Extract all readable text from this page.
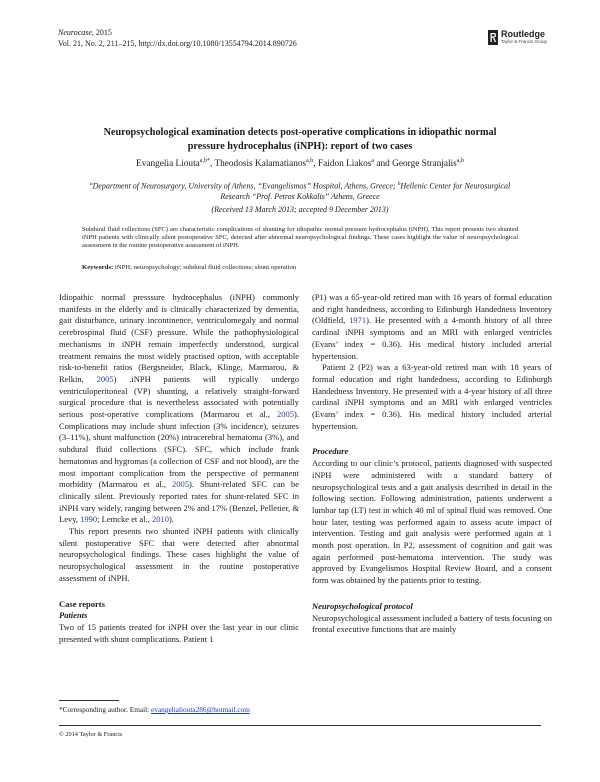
Neurocase, 2015
Vol. 21, No. 2, 211–215, http://dx.doi.org/10.1080/13554794.2014.890726
Routledge
Taylor & Francis Group
Neuropsychological examination detects post-operative complications in idiopathic normal
pressure hydrocephalus (iNPH): report of two cases
Evangelia Liouta$^{a,b*}$, Theodosis Kalamatianos$^{a,b}$, Faidon Liakos$^a$ and George Stranjalis$^{a,b}$
$^a$Department of Neurosurgery, University of Athens, “Evangelismos” Hospital, Athens, Greece; $^b$Hellenic Center for Neurosurgical
Research “Prof. Petros Kokkalis” Athens, Greece
(Received 13 March 2013; accepted 9 December 2013)
Subdural fluid collections (SFC) are characteristic complications of shunting for idiopathic normal pressure hydrocephalus (iNPH). This report presents two shunted iNPH patients with clinically silent postoperative SFC, detected after abnormal neuropsychological findings. These cases highlight the value of neuropsychological assessment in the routine postoperative assessment of iNPH.
Keywords: iNPH; neuropsychology; subdural fluid collections; shunt operation

Idiopathic normal presssure hydrocephalus (iNPH) commonly manifests in the elderly and is clinically characterized by dementia, gait disturbance, urinary incontinence, ventriculomegaly and normal cerebrospinal fluid (CSF) pressure. While the pathophysiological mechanisms in iNPH remain imperfectly understood, surgical treatment remains the most widely practised option, with acceptable risk-to-benefit ratios (Bergsneider, Black, Klinge, Marmarou, & Relkin, 2005) .iNPH patients will typically undergo ventriculoperitoneal (VP) shunting, a relatively straight-forward surgical procedure that is nevertheless associated with potentially serious post-operative complications (Marmarou et al., 2005). Complications may include shunt infection (3% incidence), seizures (3–11%), shunt malfunction (20%) intracerebral hematoma (3%), and subdural fluid collections (SFC). SFC, which include frank hematomas and hygromas (a collection of CSF and not blood), are the most important complication from the perspective of permanent morbidity (Marmarou et al., 2005). Shunt-related SFC can be clinically silent. Previously reported rates for shunt-related SFC in iNPH vary widely, ranging between 2% and 17% (Benzel, Pelletier, & Levy, 1990; Lemcke et al., 2010).

This report presents two shunted iNPH patients with clinically silent postoperative SFC that were detected after abnormal neuropsychological findings. These cases highlight the value of neuropsychological assessment in the routine postoperative assessment of iNPH.

Case reports
Patients

Two of 15 patients treated for iNPH over the last year in our clinic presented with shunt complications. Patient 1

(P1) was a 65-year-old retired man with 16 years of formal education and right handedness, according to Edinburgh Handedness Inventory (Oldfield, 1971). He presented with a 4-month history of all three cardinal iNPH symptoms and an MRI with enlarged ventricles (Evans’ index = 0.36). His medical history included arterial hypertension.

Patient 2 (P2) was a 63-year-old retired man with 18 years of formal education and right handedness, according to Edinburgh Handedness Inventory. He presented with a 4-year history of all three cardinal iNPH symptoms and an MRI with enlarged ventricles (Evans’ index = 0.36). His medical history included arterial hypertension.

Procedure

According to our clinic’s protocol, patients diagnosed with suspected iNPH were administered with a standard battery of neuropsychological tests and a gait analysis described in detail in the following section. Following administration, patients underwent a lumbar tap (LT) test in which 40 ml of spinal fluid was removed. One hour later, testing was performed again to assess acute impact of intervention. Testing and gait analysis were performed again at 1 month post operation. In P2, assessment of cognition and gait was again performed post-hematoma intervention. The study was approved by Evangelismos Hospital Review Board, and a consent form was obtained by the patients prior to testing.

Neuropsychological protocol

Neuropsychological assessment included a battery of tests focusing on frontal executive functions that are mainly

*Corresponding author. Email: evangelialiouta286@hotmail.com
© 2014 Taylor & Francis
